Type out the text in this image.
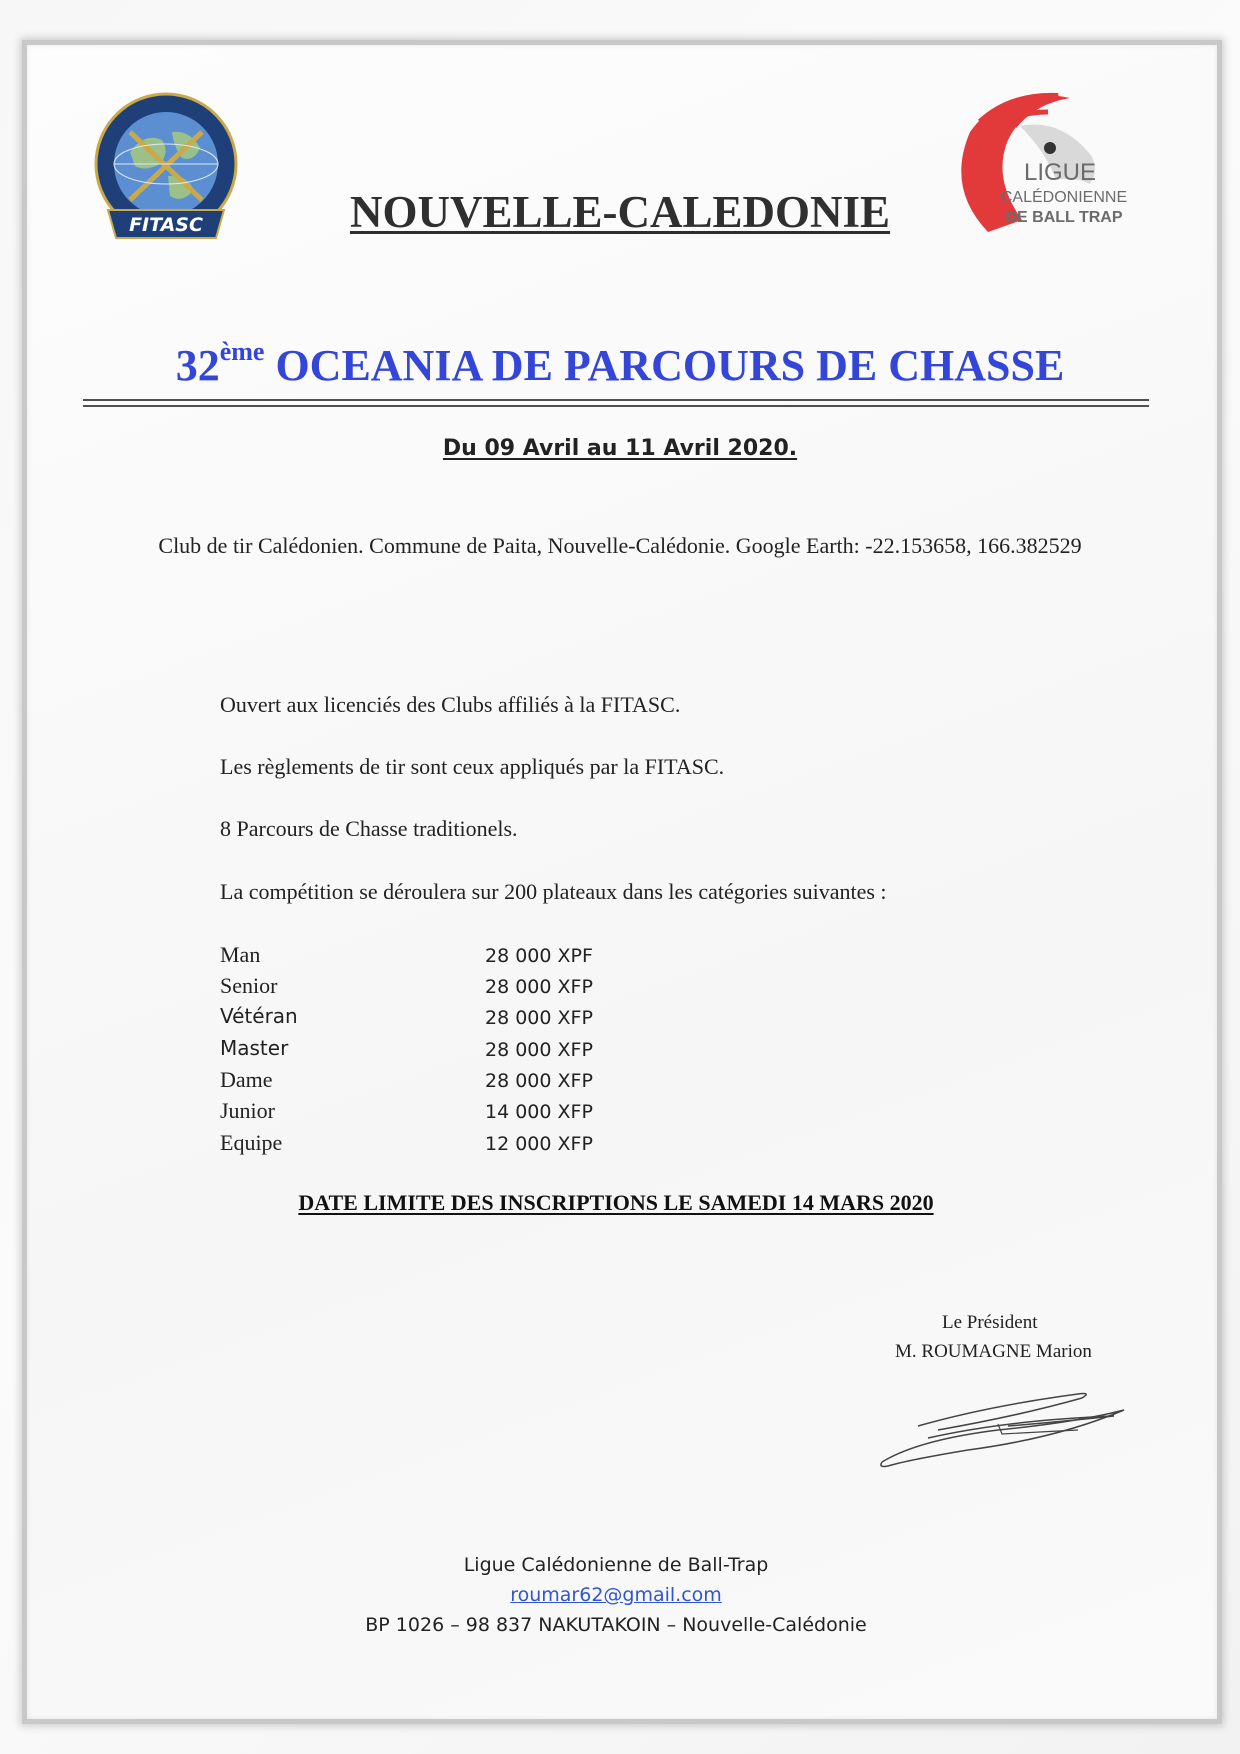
FITASC
LIGUE
CALÉDONIENNE
DE BALL TRAP
NOUVELLE-CALEDONIE
32ème OCEANIA DE PARCOURS DE CHASSE
Du 09 Avril au 11 Avril 2020.
Club de tir Calédonien. Commune de Paita, Nouvelle-Calédonie. Google Earth: -22.153658, 166.382529
Ouvert aux licenciés des Clubs affiliés à la FITASC.
Les règlements de tir sont ceux appliqués par la FITASC.
8 Parcours de Chasse traditionels.
La compétition se déroulera sur 200 plateaux dans les catégories suivantes :
Man	28 000 XPF
Senior	28 000 XFP
Vétéran	28 000 XFP
Master	28 000 XFP
Dame	28 000 XFP
Junior	14 000 XFP
Equipe	12 000 XFP
DATE LIMITE DES INSCRIPTIONS LE SAMEDI 14 MARS 2020
Le Président
M. ROUMAGNE Marion
Ligue Calédonienne de Ball-Trap
roumar62@gmail.com
BP 1026 – 98 837 NAKUTAKOIN – Nouvelle-Calédonie
